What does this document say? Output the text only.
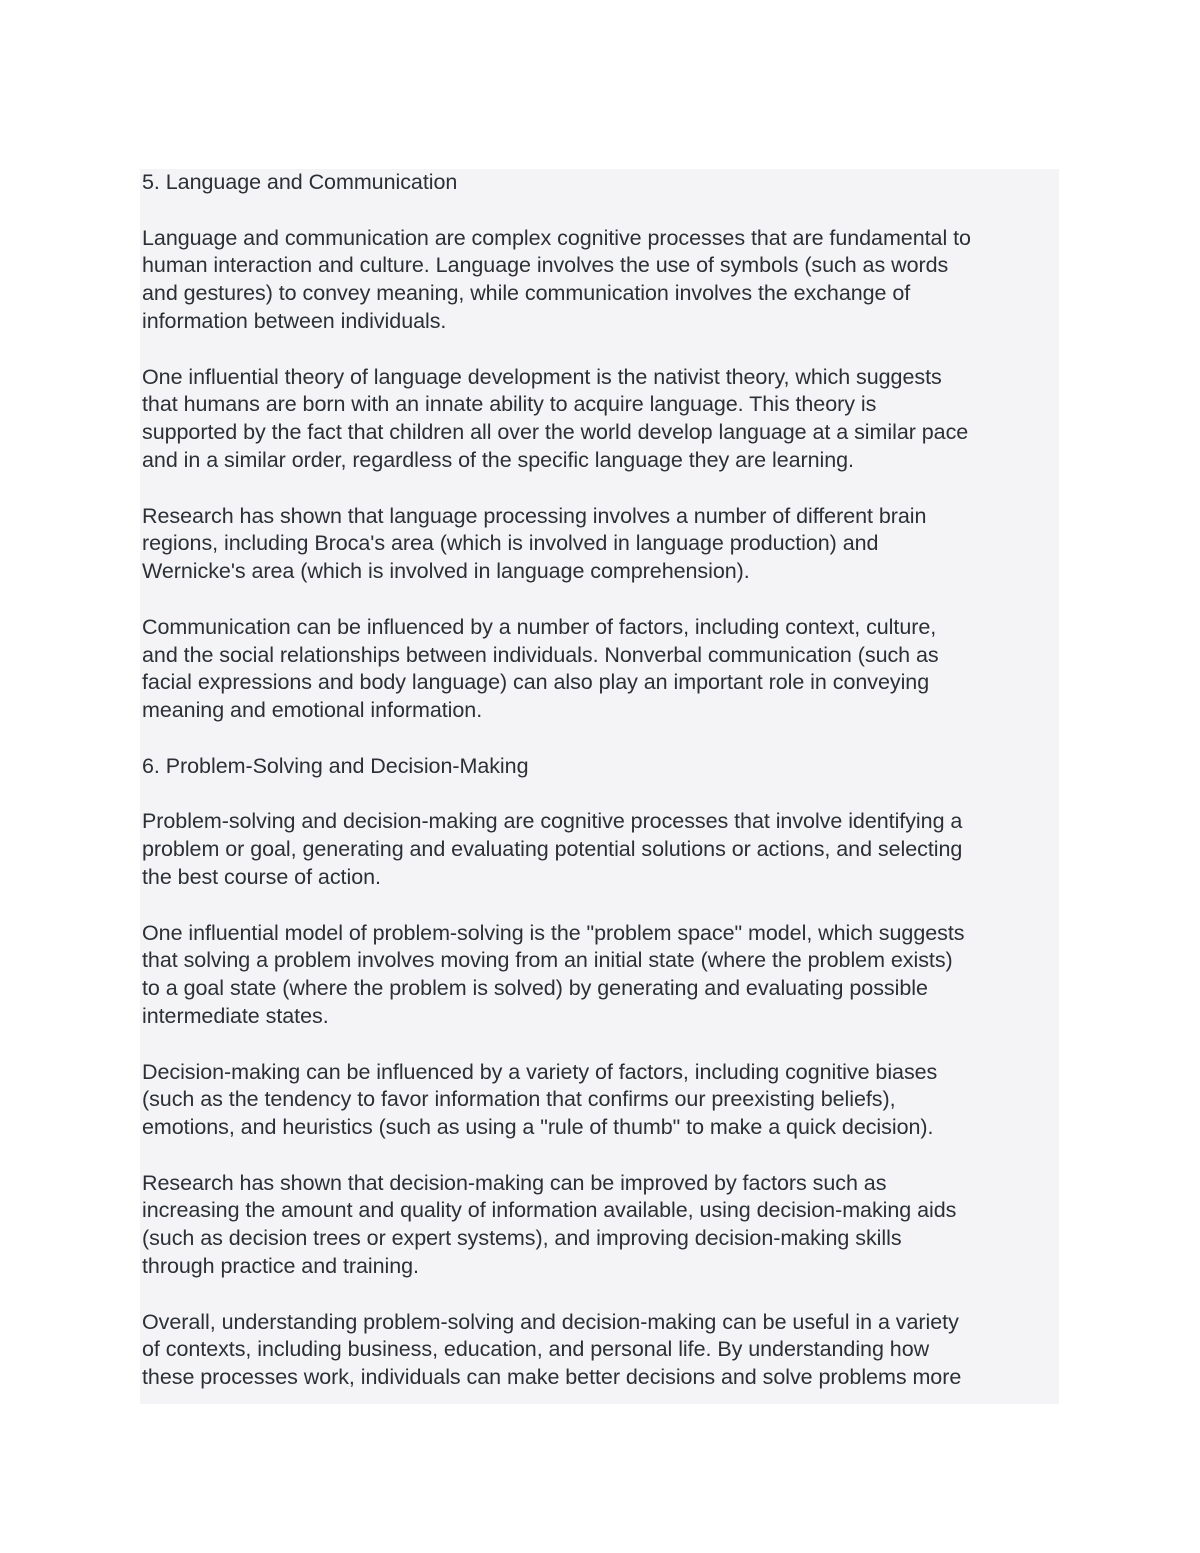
5. Language and Communication

Language and communication are complex cognitive processes that are fundamental to
human interaction and culture. Language involves the use of symbols (such as words
and gestures) to convey meaning, while communication involves the exchange of
information between individuals.

One influential theory of language development is the nativist theory, which suggests
that humans are born with an innate ability to acquire language. This theory is
supported by the fact that children all over the world develop language at a similar pace
and in a similar order, regardless of the specific language they are learning.

Research has shown that language processing involves a number of different brain
regions, including Broca's area (which is involved in language production) and
Wernicke's area (which is involved in language comprehension).

Communication can be influenced by a number of factors, including context, culture,
and the social relationships between individuals. Nonverbal communication (such as
facial expressions and body language) can also play an important role in conveying
meaning and emotional information.

6. Problem-Solving and Decision-Making

Problem-solving and decision-making are cognitive processes that involve identifying a
problem or goal, generating and evaluating potential solutions or actions, and selecting
the best course of action.

One influential model of problem-solving is the "problem space" model, which suggests
that solving a problem involves moving from an initial state (where the problem exists)
to a goal state (where the problem is solved) by generating and evaluating possible
intermediate states.

Decision-making can be influenced by a variety of factors, including cognitive biases
(such as the tendency to favor information that confirms our preexisting beliefs),
emotions, and heuristics (such as using a "rule of thumb" to make a quick decision).

Research has shown that decision-making can be improved by factors such as
increasing the amount and quality of information available, using decision-making aids
(such as decision trees or expert systems), and improving decision-making skills
through practice and training.

Overall, understanding problem-solving and decision-making can be useful in a variety
of contexts, including business, education, and personal life. By understanding how
these processes work, individuals can make better decisions and solve problems more
